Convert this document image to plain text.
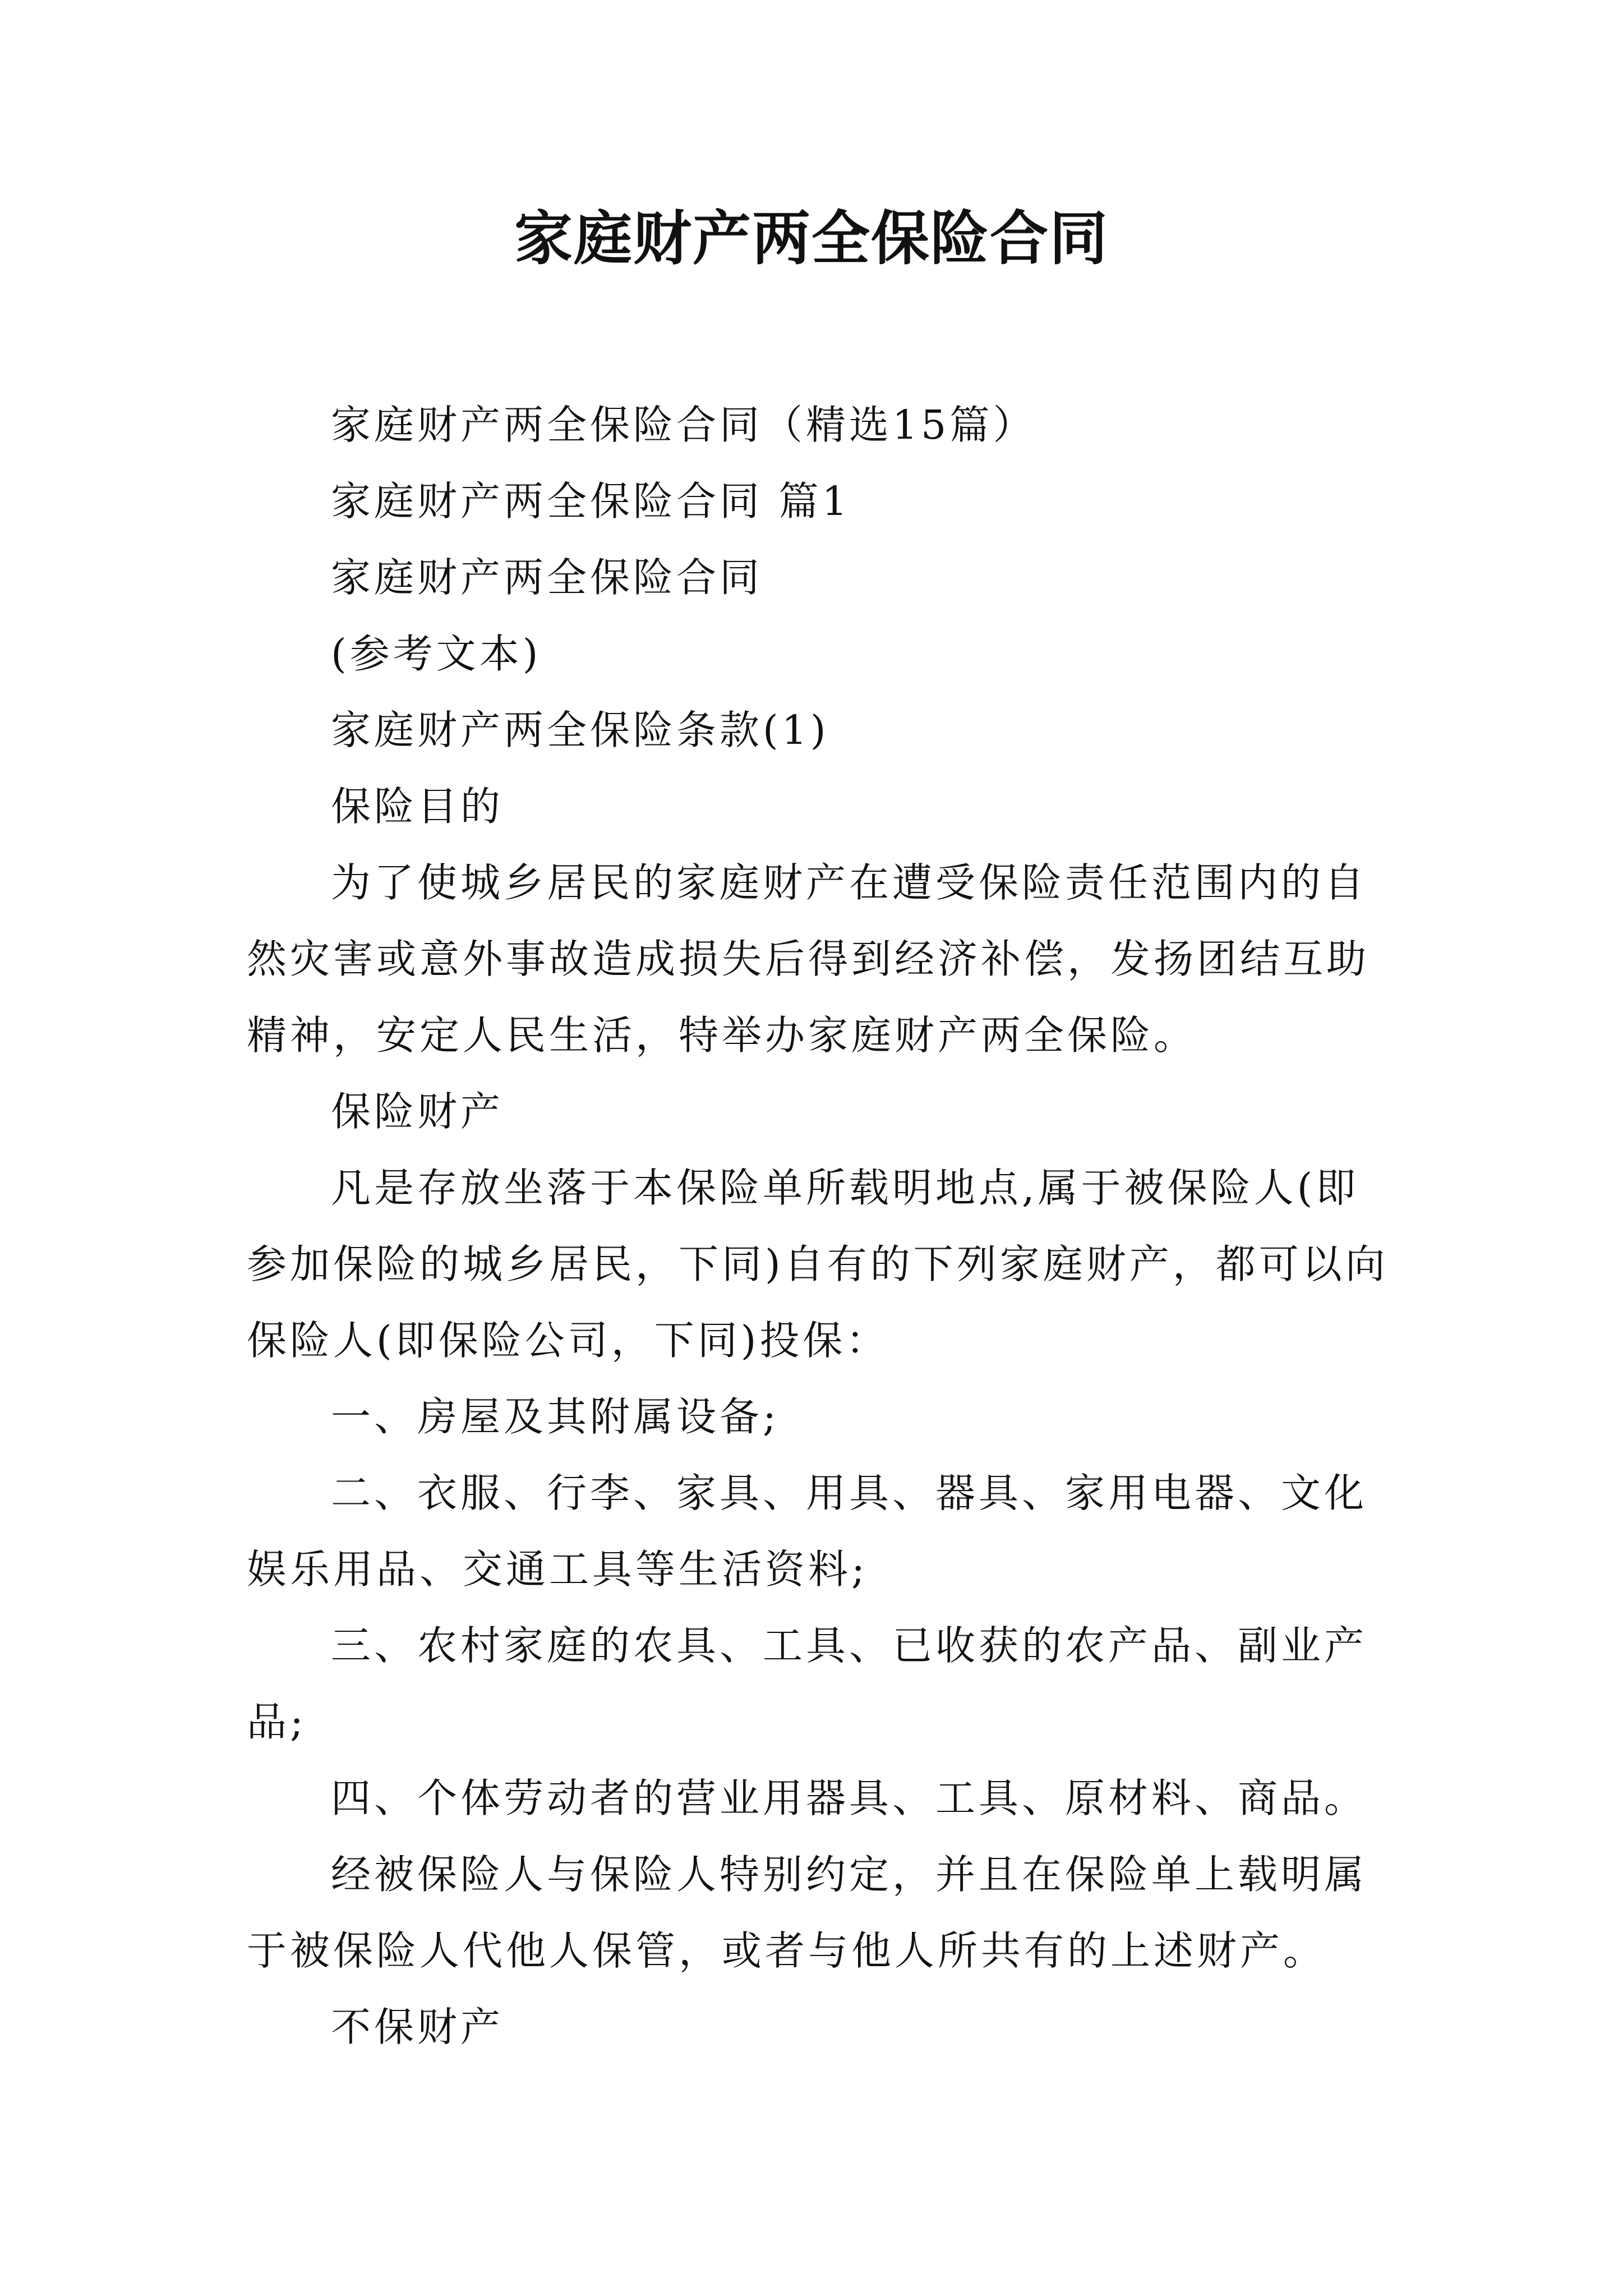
家庭财产两全保险合同

家庭财产两全保险合同（精选15篇）

家庭财产两全保险合同 篇1

家庭财产两全保险合同

(参考文本)

家庭财产两全保险条款(1)

保险目的

为了使城乡居民的家庭财产在遭受保险责任范围内的自然灾害或意外事故造成损失后得到经济补偿，发扬团结互助精神，安定人民生活，特举办家庭财产两全保险。

保险财产

凡是存放坐落于本保险单所载明地点,属于被保险人(即参加保险的城乡居民，下同)自有的下列家庭财产，都可以向保险人(即保险公司，下同)投保：

一、房屋及其附属设备;

二、衣服、行李、家具、用具、器具、家用电器、文化娱乐用品、交通工具等生活资料;

三、农村家庭的农具、工具、已收获的农产品、副业产品;

四、个体劳动者的营业用器具、工具、原材料、商品。

经被保险人与保险人特别约定，并且在保险单上载明属于被保险人代他人保管，或者与他人所共有的上述财产。

不保财产
